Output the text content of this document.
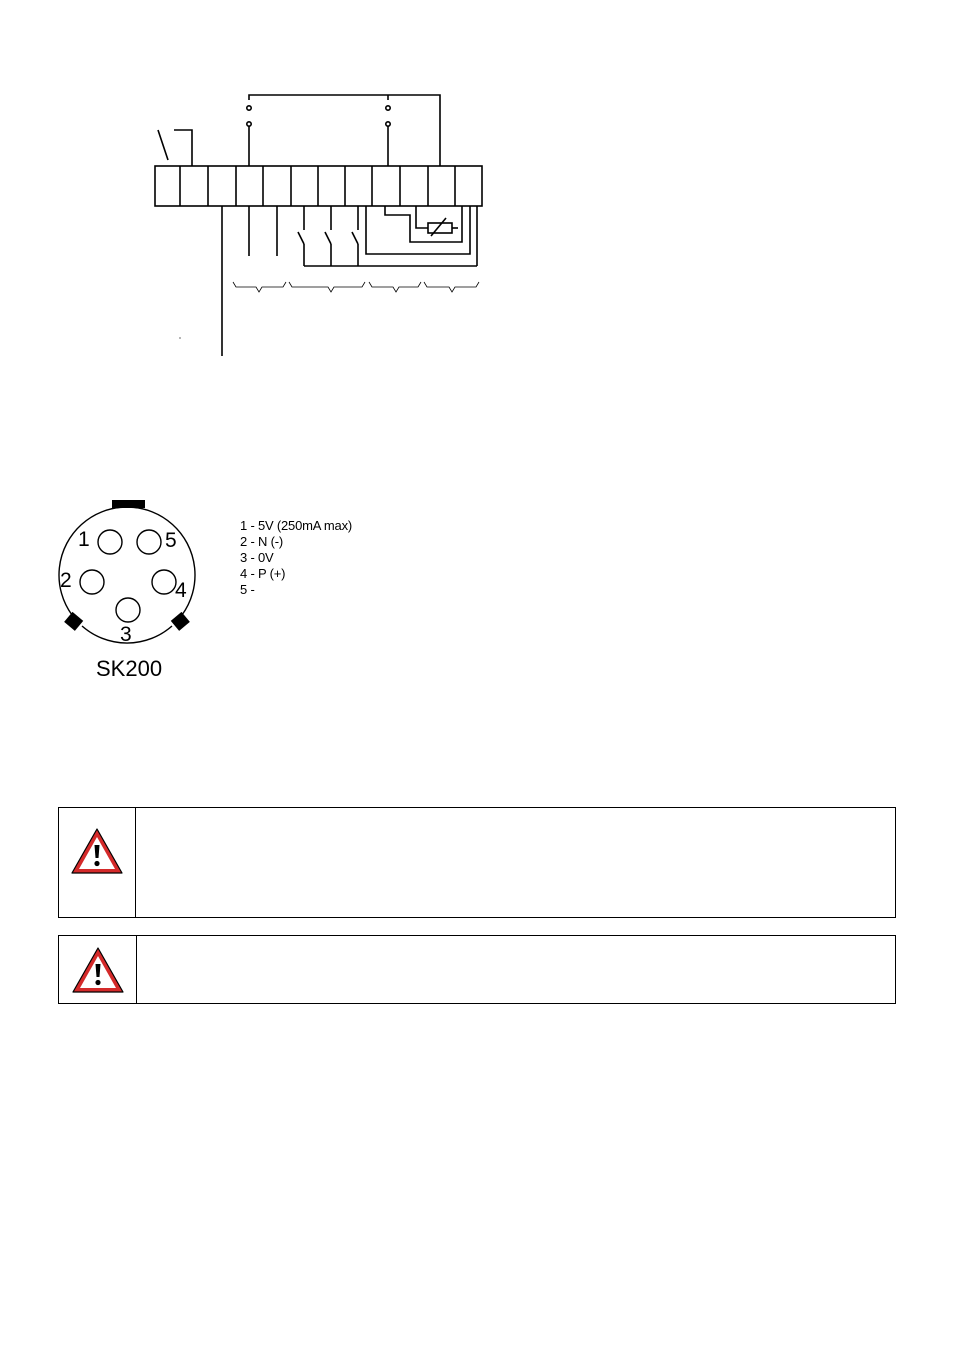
1	5
2	4
3
SK200
1 - 5V (250mA max)
2 - N (-)
3 - 0V
4 - P (+)
5 -
